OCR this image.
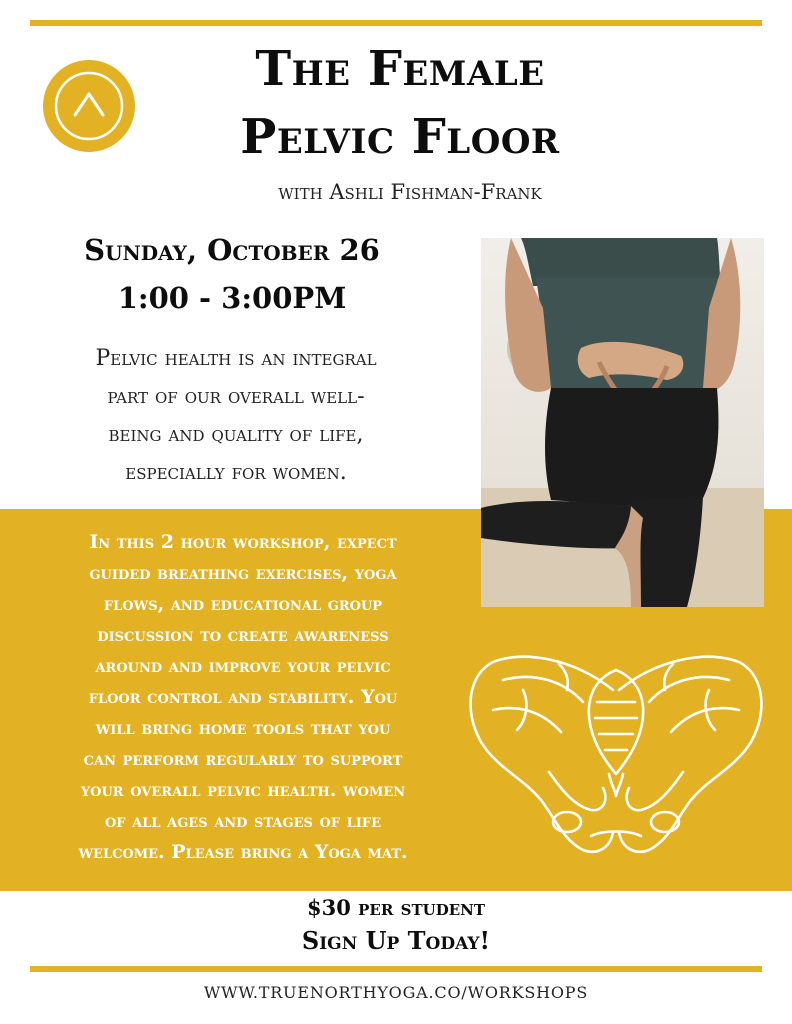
The Female
Pelvic Floor
with Ashli Fishman-Frank
Sunday, October 26
1:00 - 3:00PM
Pelvic health is an integral
part of our overall well-
being and quality of life,
especially for women.
In this 2 hour workshop, expect
guided breathing exercises, yoga
flows, and educational group
discussion to create awareness
around and improve your pelvic
floor control and stability. You
will bring home tools that you
can perform regularly to support
your overall pelvic health. women
of all ages and stages of life
welcome. Please bring a Yoga mat.
$30 per student
Sign Up Today!
WWW.TRUENORTHYOGA.CO/WORKSHOPS
